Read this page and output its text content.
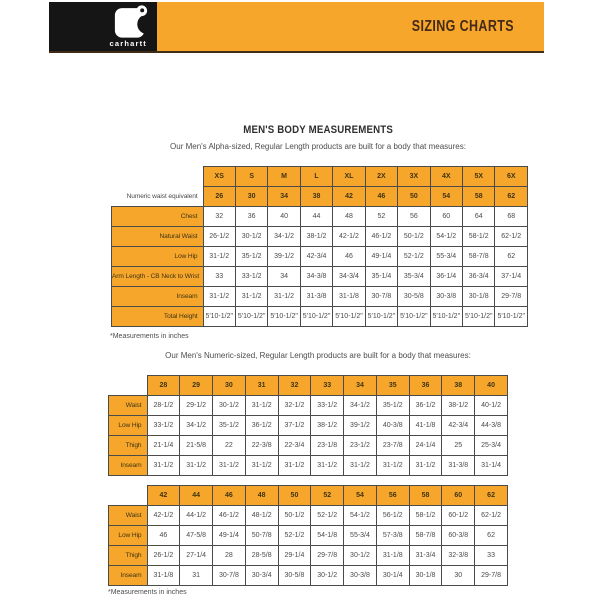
carhartt
SIZING CHARTS
MEN'S BODY MEASUREMENTS
Our Men's Alpha-sized, Regular Length products are built for a body that measures:
	XS	S	M	L	XL	2X	3X	4X	5X	6X
Numeric waist equivalent	26	30	34	38	42	46	50	54	58	62
Chest	32	36	40	44	48	52	56	60	64	68
Natural Waist	26-1/2	30-1/2	34-1/2	38-1/2	42-1/2	46-1/2	50-1/2	54-1/2	58-1/2	62-1/2
Low Hip	31-1/2	35-1/2	39-1/2	42-3/4	46	49-1/4	52-1/2	55-3/4	58-7/8	62
Arm Length - CB Neck to Wrist	33	33-1/2	34	34-3/8	34-3/4	35-1/4	35-3/4	36-1/4	36-3/4	37-1/4
Inseam	31-1/2	31-1/2	31-1/2	31-3/8	31-1/8	30-7/8	30-5/8	30-3/8	30-1/8	29-7/8
Total Height	5'10-1/2"	5'10-1/2"	5'10-1/2"	5'10-1/2"	5'10-1/2"	5'10-1/2"	5'10-1/2"	5'10-1/2"	5'10-1/2"	5'10-1/2"
*Measurements in inches
Our Men's Numeric-sized, Regular Length products are built for a body that measures:
	28	29	30	31	32	33	34	35	36	38	40
Waist	28-1/2	29-1/2	30-1/2	31-1/2	32-1/2	33-1/2	34-1/2	35-1/2	36-1/2	38-1/2	40-1/2
Low Hip	33-1/2	34-1/2	35-1/2	36-1/2	37-1/2	38-1/2	39-1/2	40-3/8	41-1/8	42-3/4	44-3/8
Thigh	21-1/4	21-5/8	22	22-3/8	22-3/4	23-1/8	23-1/2	23-7/8	24-1/4	25	25-3/4
Inseam	31-1/2	31-1/2	31-1/2	31-1/2	31-1/2	31-1/2	31-1/2	31-1/2	31-1/2	31-3/8	31-1/4
	42	44	46	48	50	52	54	56	58	60	62
Waist	42-1/2	44-1/2	46-1/2	48-1/2	50-1/2	52-1/2	54-1/2	56-1/2	58-1/2	60-1/2	62-1/2
Low Hip	46	47-5/8	49-1/4	50-7/8	52-1/2	54-1/8	55-3/4	57-3/8	58-7/8	60-3/8	62
Thigh	26-1/2	27-1/4	28	28-5/8	29-1/4	29-7/8	30-1/2	31-1/8	31-3/4	32-3/8	33
Inseam	31-1/8	31	30-7/8	30-3/4	30-5/8	30-1/2	30-3/8	30-1/4	30-1/8	30	29-7/8
*Measurements in inches
